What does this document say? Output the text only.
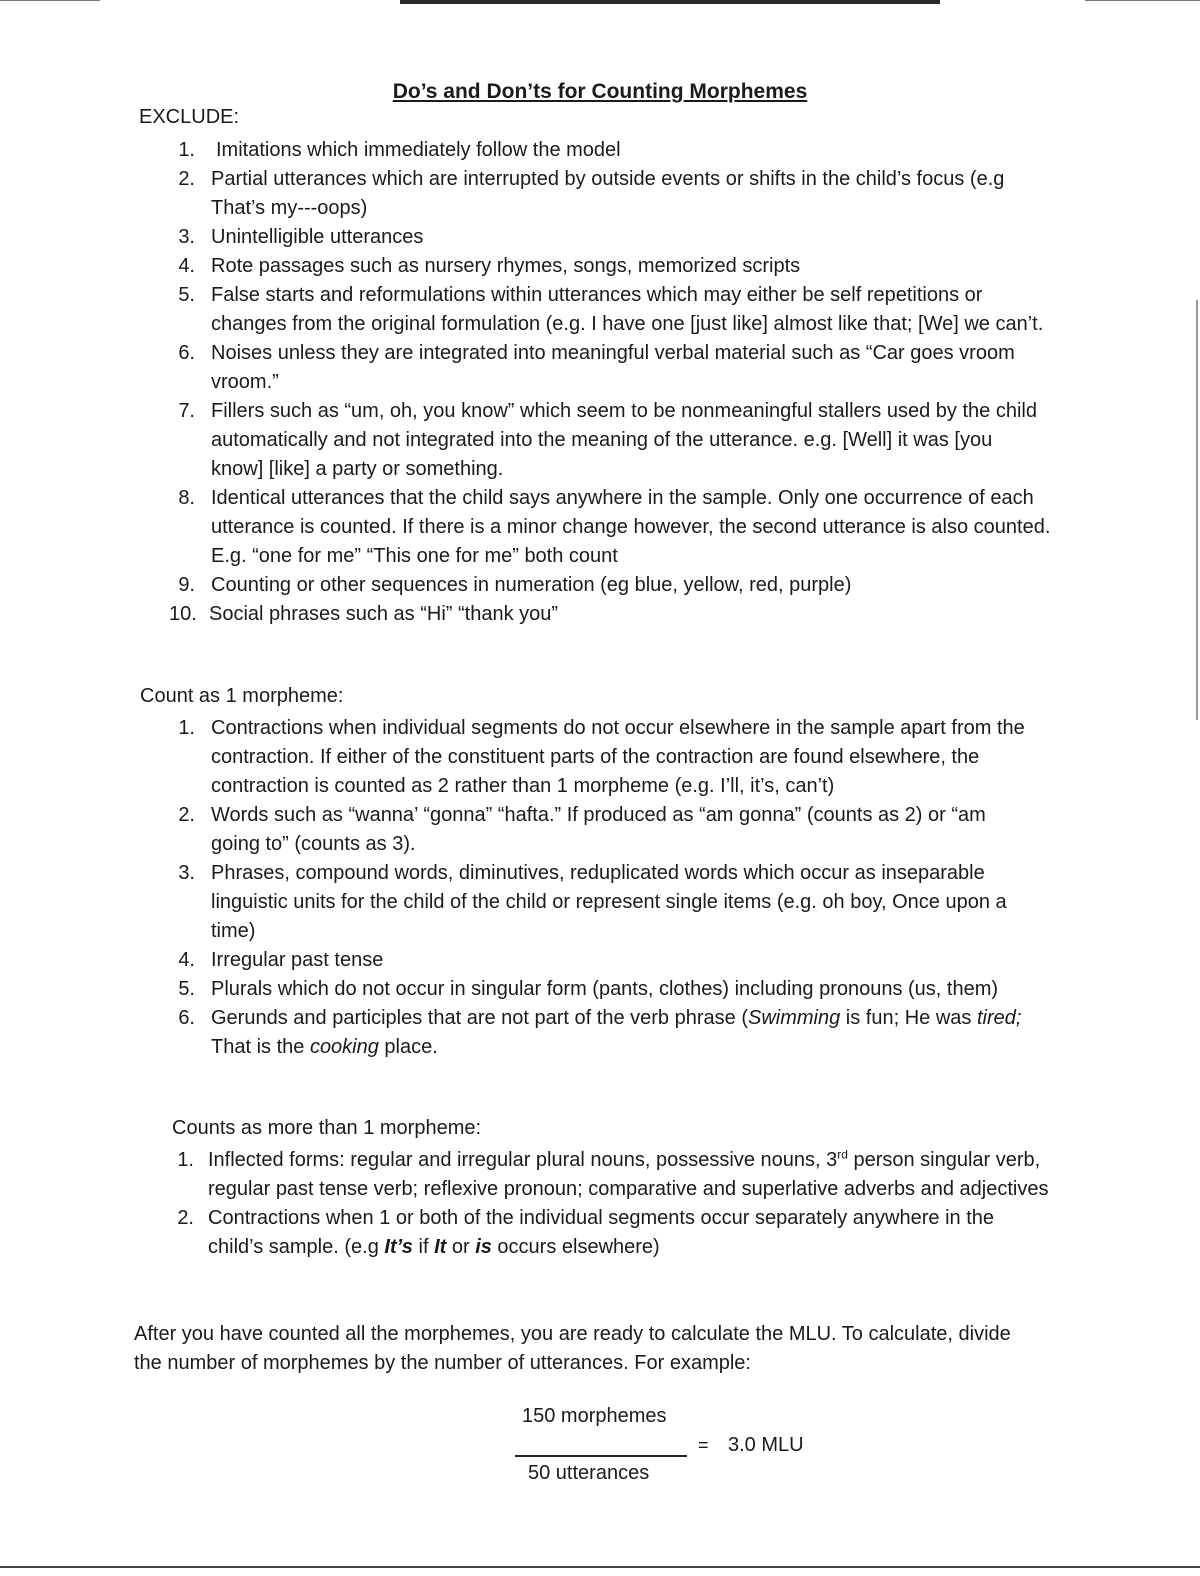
Do’s and Don’ts for Counting Morphemes
EXCLUDE:
1. Imitations which immediately follow the model
2. Partial utterances which are interrupted by outside events or shifts in the child’s focus (e.g That’s my---oops)
3. Unintelligible utterances
4. Rote passages such as nursery rhymes, songs, memorized scripts
5. False starts and reformulations within utterances which may either be self repetitions or changes from the original formulation (e.g. I have one [just like] almost like that; [We] we can’t.
6. Noises unless they are integrated into meaningful verbal material such as “Car goes vroom vroom.”
7. Fillers such as “um, oh, you know” which seem to be nonmeaningful stallers used by the child automatically and not integrated into the meaning of the utterance. e.g. [Well] it was [you know] [like] a party or something.
8. Identical utterances that the child says anywhere in the sample. Only one occurrence of each utterance is counted. If there is a minor change however, the second utterance is also counted. E.g. “one for me” “This one for me” both count
9. Counting or other sequences in numeration (eg blue, yellow, red, purple)
10. Social phrases such as “Hi” “thank you”
Count as 1 morpheme:
1. Contractions when individual segments do not occur elsewhere in the sample apart from the contraction. If either of the constituent parts of the contraction are found elsewhere, the contraction is counted as 2 rather than 1 morpheme (e.g. I’ll, it’s, can’t)
2. Words such as “wanna’ “gonna” “hafta.” If produced as “am gonna” (counts as 2) or “am going to” (counts as 3).
3. Phrases, compound words, diminutives, reduplicated words which occur as inseparable linguistic units for the child of the child or represent single items (e.g. oh boy, Once upon a time)
4. Irregular past tense
5. Plurals which do not occur in singular form (pants, clothes) including pronouns (us, them)
6. Gerunds and participles that are not part of the verb phrase (Swimming is fun; He was tired; That is the cooking place.
Counts as more than 1 morpheme:
1. Inflected forms: regular and irregular plural nouns, possessive nouns, 3rd person singular verb, regular past tense verb; reflexive pronoun; comparative and superlative adverbs and adjectives
2. Contractions when 1 or both of the individual segments occur separately anywhere in the child’s sample. (e.g It’s if It or is occurs elsewhere)
After you have counted all the morphemes, you are ready to calculate the MLU. To calculate, divide the number of morphemes by the number of utterances. For example:
150 morphemes
= 3.0 MLU
50 utterances
